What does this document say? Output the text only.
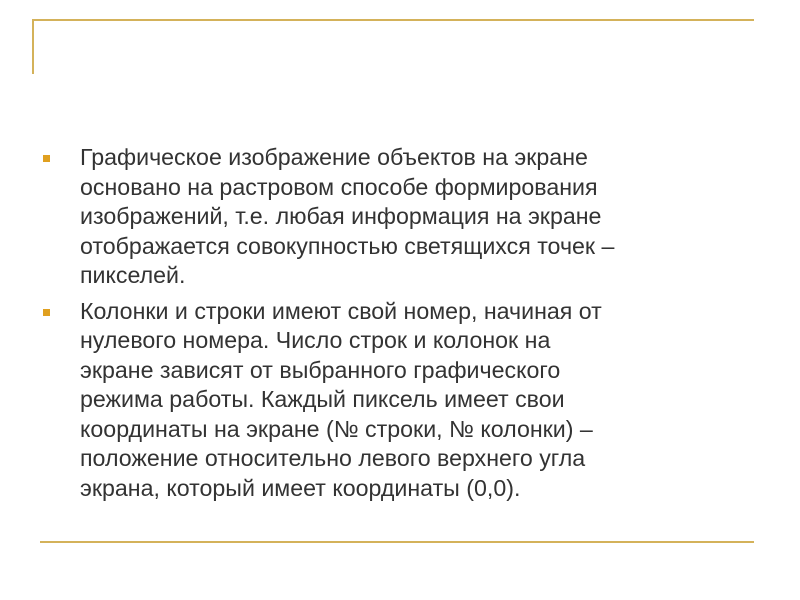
Графическое изображение объектов на экране
основано на растровом способе формирования
изображений, т.е. любая информация на экране
отображается совокупностью светящихся точек –
пикселей.
Колонки и строки имеют свой номер, начиная от
нулевого номера. Число строк и колонок на
экране зависят от выбранного графического
режима работы. Каждый пиксель имеет свои
координаты на экране (№ строки, № колонки) –
положение относительно левого верхнего угла
экрана, который имеет координаты (0,0).
